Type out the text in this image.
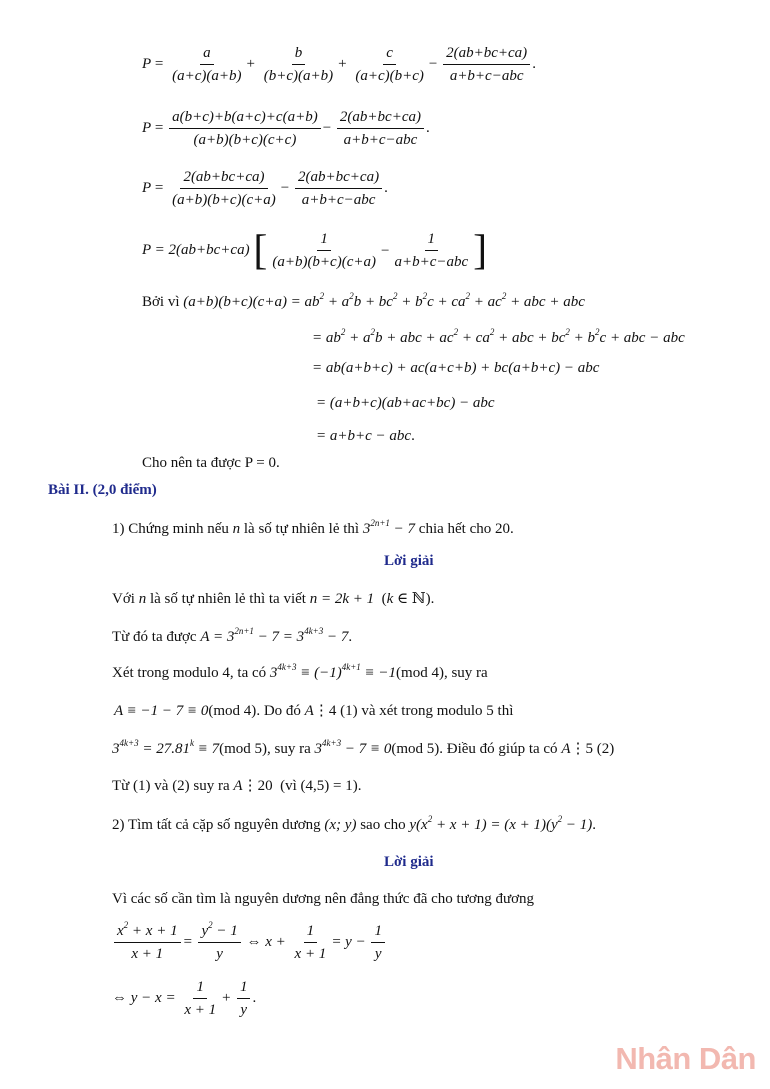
$P = \frac{a}{(a+c)(a+b)} + \frac{b}{(b+c)(a+b)} + \frac{c}{(a+c)(b+c)} - \frac{2(ab+bc+ca)}{\text{a+b+c−abc}}$ .
$P = \frac{a(b+c)+b(a+c)+c(a+b)}{(a+b)(b+c)(c+c)} - \frac{2(ab+bc+ca)}{\text{a+b+c−abc}}$ .
$P = \frac{2(ab+bc+ca)}{(a+b)(b+c)(c+a)} - \frac{2(ab+bc+ca)}{\text{a+b+c−abc}}$ .
P = 2(ab+bc+ca) [ $\frac{1}{(a+b)(b+c)(c+a)} - \frac{1}{\text{a+b+c−abc}}$ ]
Bởi vì $(a+b)(b+c)(c+a) = ab^2 + a^2b + bc^2 + b^2c + ca^2 + ac^2$ + abc + abc
= $ab^2 + a^2b$ + abc + $ac^2 + ca^2$ + abc + $bc^2 + b^2c$ + abc − abc
= ab(a+b+c) + ac(a+c+b) + bc(a+b+c) − abc
= (a+b+c)(ab+ac+bc) − abc
= a+b+c − abc.
Cho nên ta được P = 0.
Bài II. (2,0 điểm)
1) Chứng minh nếu n là số tự nhiên lẻ thì $3^{2n+1} - 7$ chia hết cho 20.
Lời giải
Với n là số tự nhiên lẻ thì ta viết n = 2k + 1  (k ∈ ℕ).
Từ đó ta được $A = 3^{2n+1} - 7 = 3^{4k+3} - 7$.
Xét trong modulo 4, ta có $3^{4k+3} \equiv (-1)^{4k+1} \equiv -1(mod$ 4), suy ra
A ≡ −1 − 7 ≡ 0(mod 4). Do đó A⋮4 (1) và xét trong modulo 5 thì
$3^{4k+3} = 27.81^k \equiv 7(mod$ 5), suy ra $3^{4k+3} - 7 \equiv 0(mod$ 5). Điều đó giúp ta có A⋮5 (2)
Từ (1) và (2) suy ra A⋮20  (vì (4,5) = 1).
2) Tìm tất cả cặp số nguyên dương (x; y) sao cho $y(x^2 + x + 1) = (x + 1)(y^2 - 1)$.
Lời giải
Vì các số cần tìm là nguyên dương nên đẳng thức đã cho tương đương
$\frac{x^2 + x + 1}{x + 1} = \frac{y^2 - 1}{y}$ ⇔ $x + \frac{1}{x + 1} = y - \frac{1}{y}$
⇔ $y - x = \frac{1}{x + 1} + \frac{1}{y}$ .
Nhân Dân
